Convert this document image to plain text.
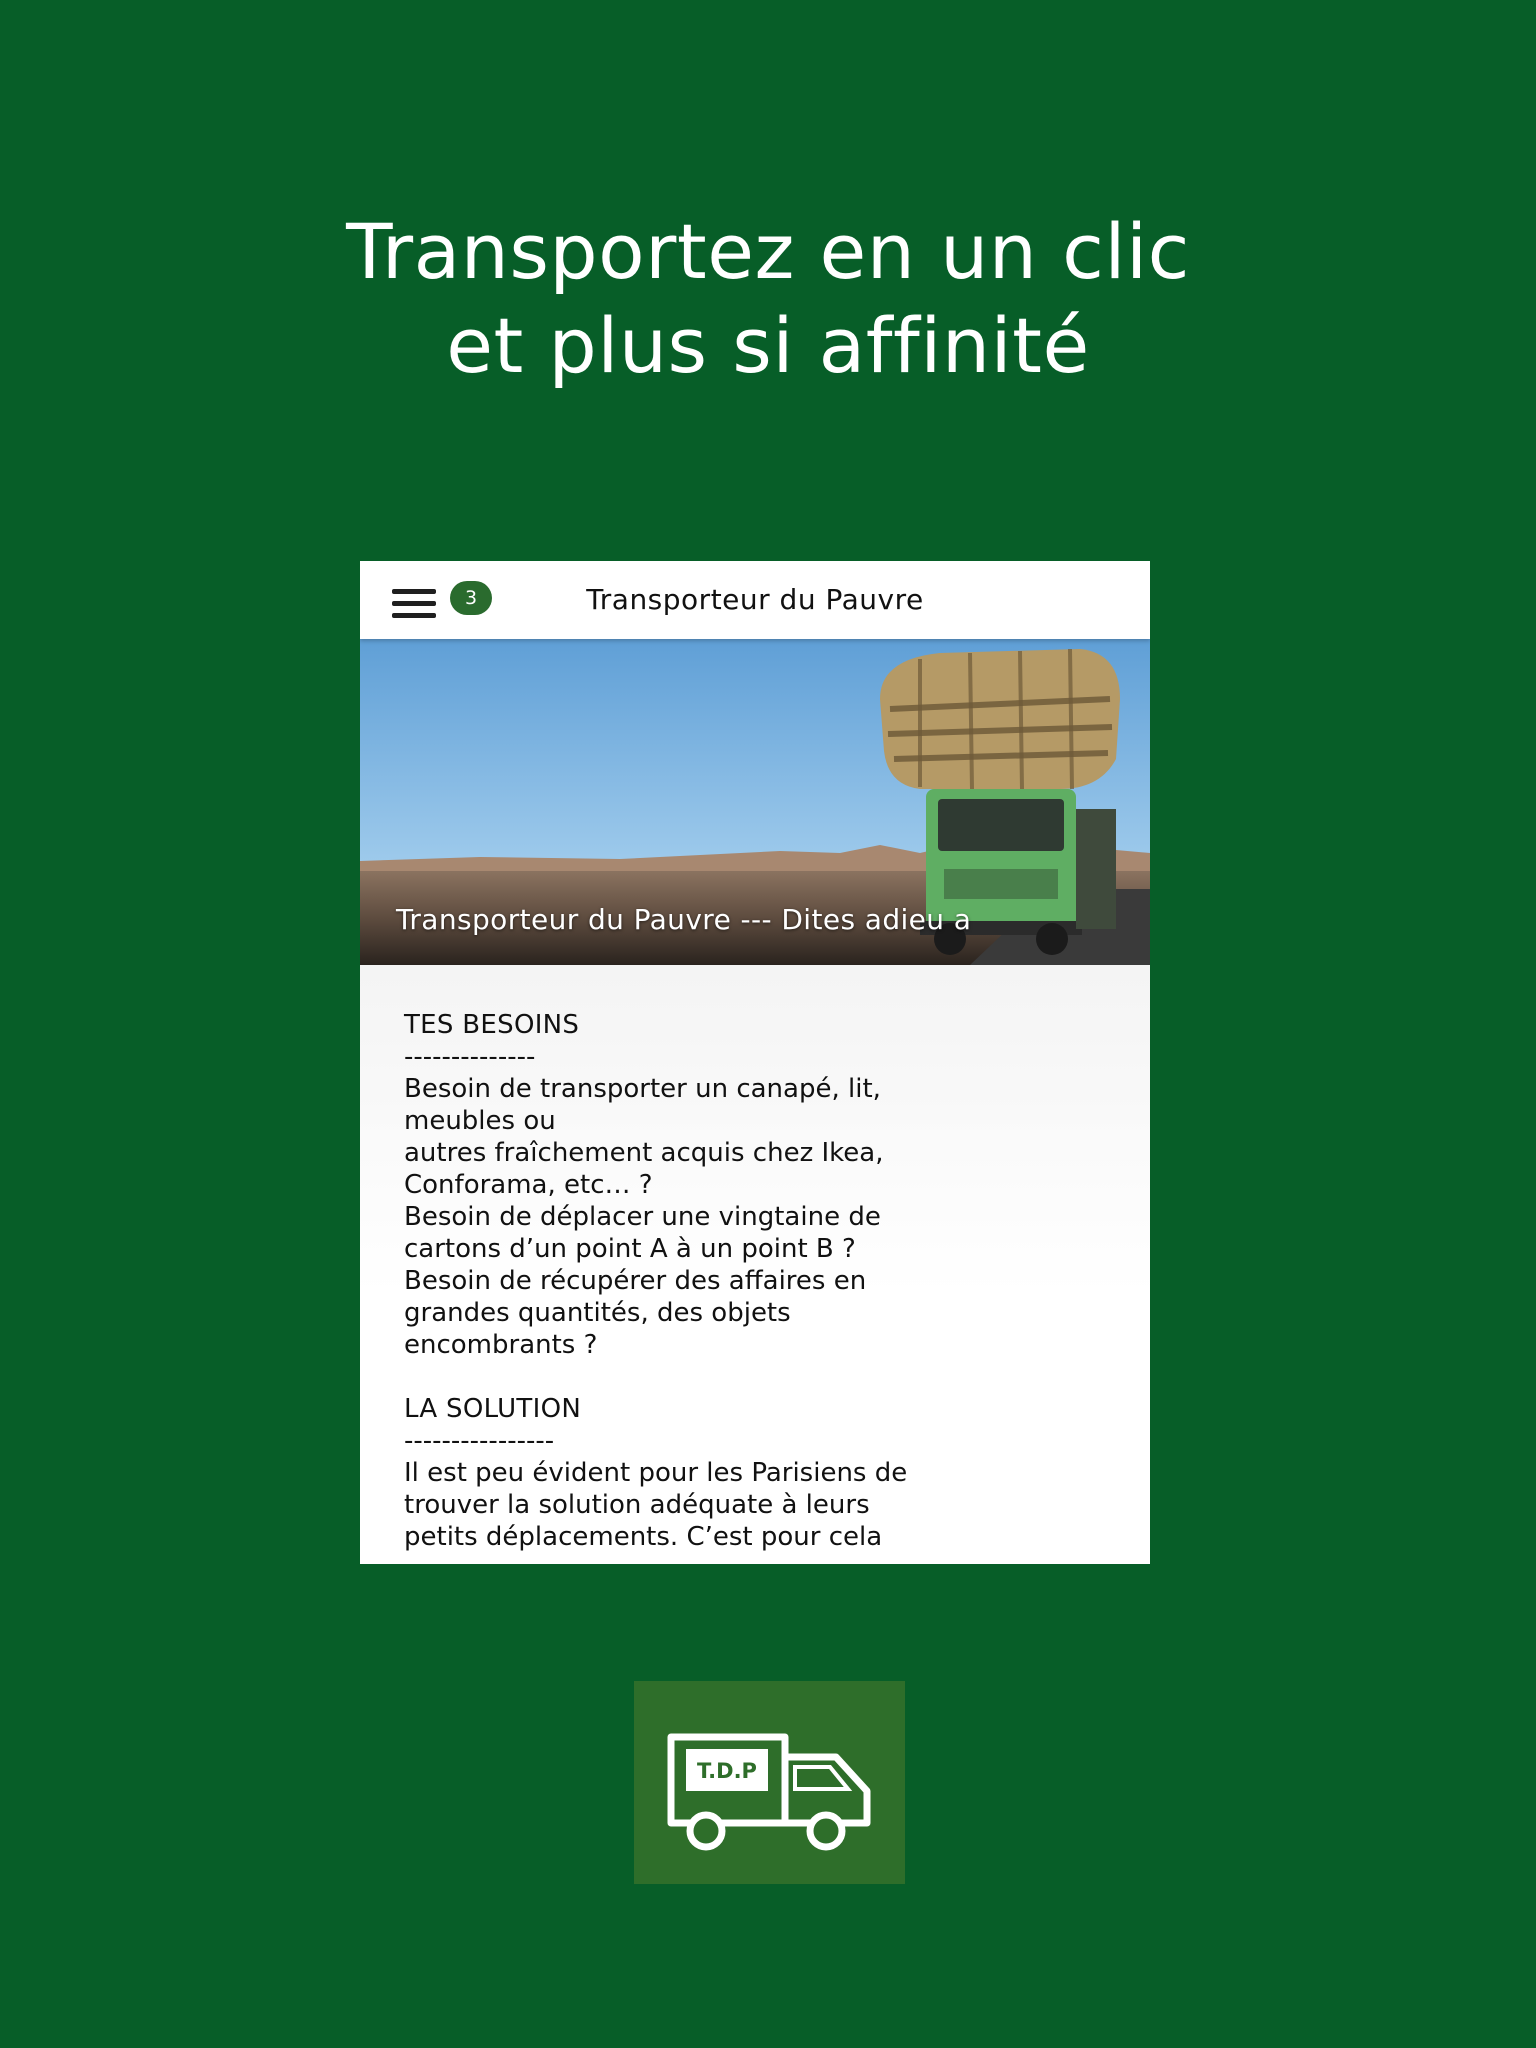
Transportez en un clic
et plus si affinité
Transporteur du Pauvre
3
Transporteur du Pauvre --- Dites adieu a

TES BESOINS

--------------

Besoin de transporter un canapé, lit,
meubles ou
autres fraîchement acquis chez Ikea,
Conforama, etc… ?
Besoin de déplacer une vingtaine de
cartons d’un point A à un point B ?
Besoin de récupérer des affaires en
grandes quantités, des objets
encombrants ?

LA SOLUTION

----------------

Il est peu évident pour les Parisiens de
trouver la solution adéquate à leurs
petits déplacements. C’est pour cela

T.D.P
